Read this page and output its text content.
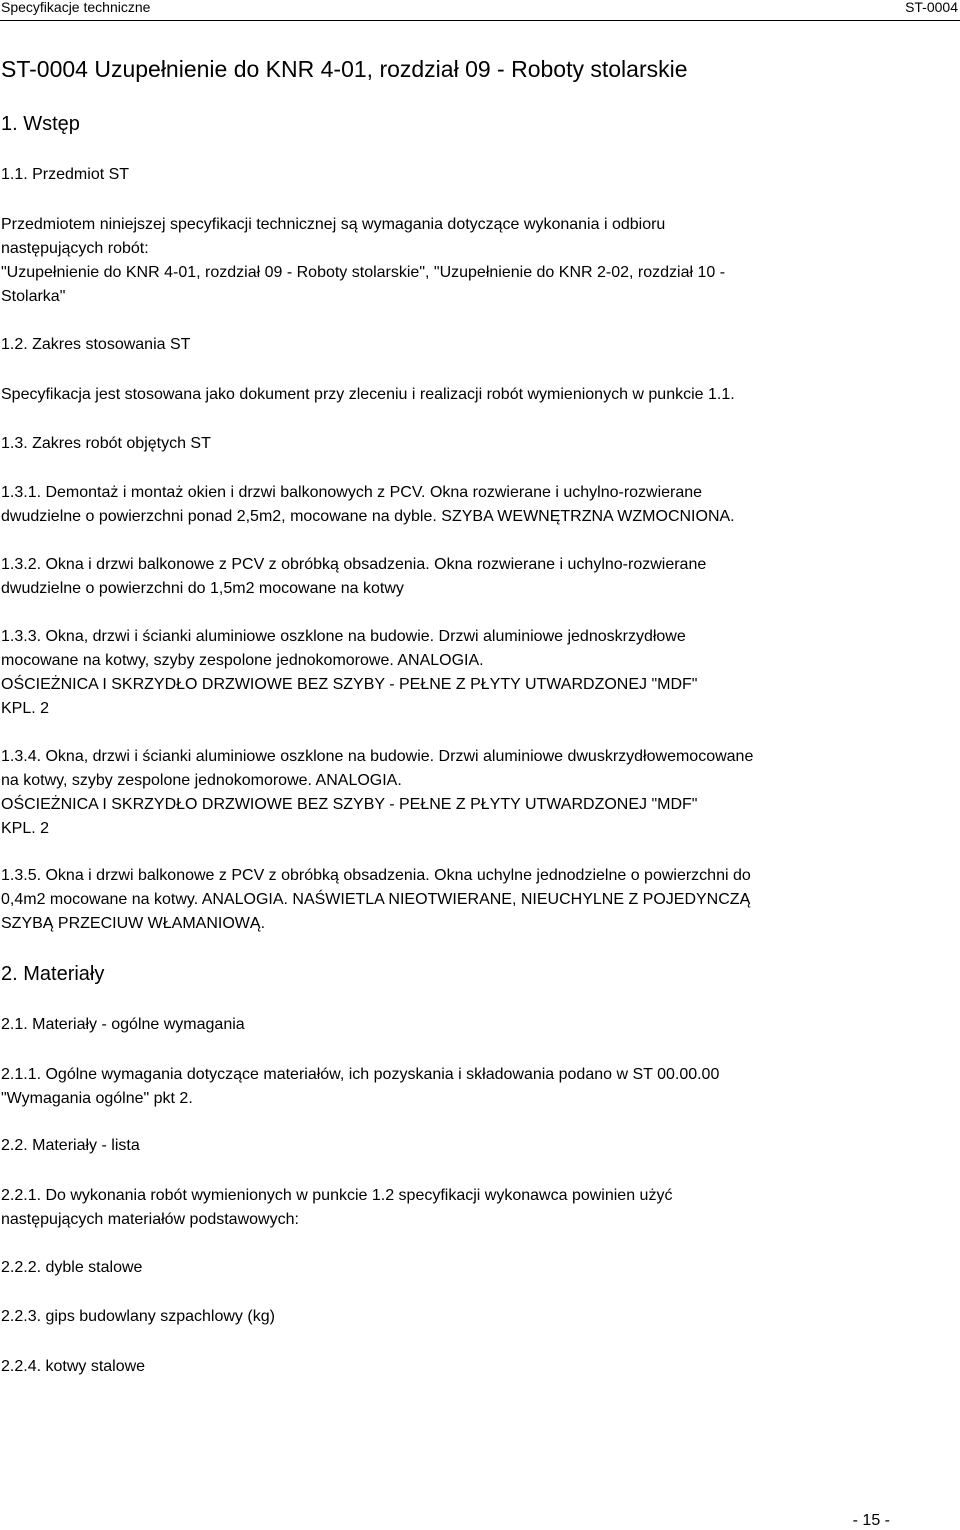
Specyfikacje techniczne	ST-0004
ST-0004 Uzupełnienie do KNR 4-01, rozdział 09 - Roboty stolarskie
1. Wstęp
1.1. Przedmiot ST
Przedmiotem niniejszej specyfikacji technicznej są wymagania dotyczące wykonania i odbioru
następujących robót:
"Uzupełnienie do KNR 4-01, rozdział 09 - Roboty stolarskie", "Uzupełnienie do KNR 2-02, rozdział 10 -
Stolarka"
1.2. Zakres stosowania ST
Specyfikacja jest stosowana jako dokument przy zleceniu i realizacji robót wymienionych w punkcie 1.1.
1.3. Zakres robót objętych ST
1.3.1. Demontaż i montaż okien i drzwi balkonowych z PCV. Okna rozwierane i uchylno-rozwierane
dwudzielne o powierzchni ponad 2,5m2, mocowane na dyble. SZYBA WEWNĘTRZNA WZMOCNIONA.
1.3.2. Okna i drzwi balkonowe z PCV z obróbką obsadzenia. Okna rozwierane i uchylno-rozwierane
dwudzielne o powierzchni do 1,5m2 mocowane na kotwy
1.3.3. Okna, drzwi i ścianki aluminiowe oszklone na budowie. Drzwi aluminiowe jednoskrzydłowe
mocowane na kotwy, szyby zespolone jednokomorowe. ANALOGIA.
OŚCIEŻNICA I SKRZYDŁO DRZWIOWE BEZ SZYBY - PEŁNE Z PŁYTY UTWARDZONEJ "MDF"
KPL. 2
1.3.4. Okna, drzwi i ścianki aluminiowe oszklone na budowie. Drzwi aluminiowe dwuskrzydłowemocowane
na kotwy, szyby zespolone jednokomorowe. ANALOGIA.
OŚCIEŻNICA I SKRZYDŁO DRZWIOWE BEZ SZYBY - PEŁNE Z PŁYTY UTWARDZONEJ "MDF"
KPL. 2
1.3.5. Okna i drzwi balkonowe z PCV z obróbką obsadzenia. Okna uchylne jednodzielne o powierzchni do
0,4m2 mocowane na kotwy. ANALOGIA. NAŚWIETLA NIEOTWIERANE, NIEUCHYLNE Z POJEDYNCZĄ
SZYBĄ PRZECIUW WŁAMANIOWĄ.
2. Materiały
2.1. Materiały - ogólne wymagania
2.1.1. Ogólne wymagania dotyczące materiałów, ich pozyskania i składowania podano w ST 00.00.00
"Wymagania ogólne" pkt 2.
2.2. Materiały - lista
2.2.1. Do wykonania robót wymienionych w punkcie 1.2 specyfikacji wykonawca powinien użyć
następujących materiałów podstawowych:
2.2.2. dyble stalowe
2.2.3. gips budowlany szpachlowy (kg)
2.2.4. kotwy stalowe
- 15 -
